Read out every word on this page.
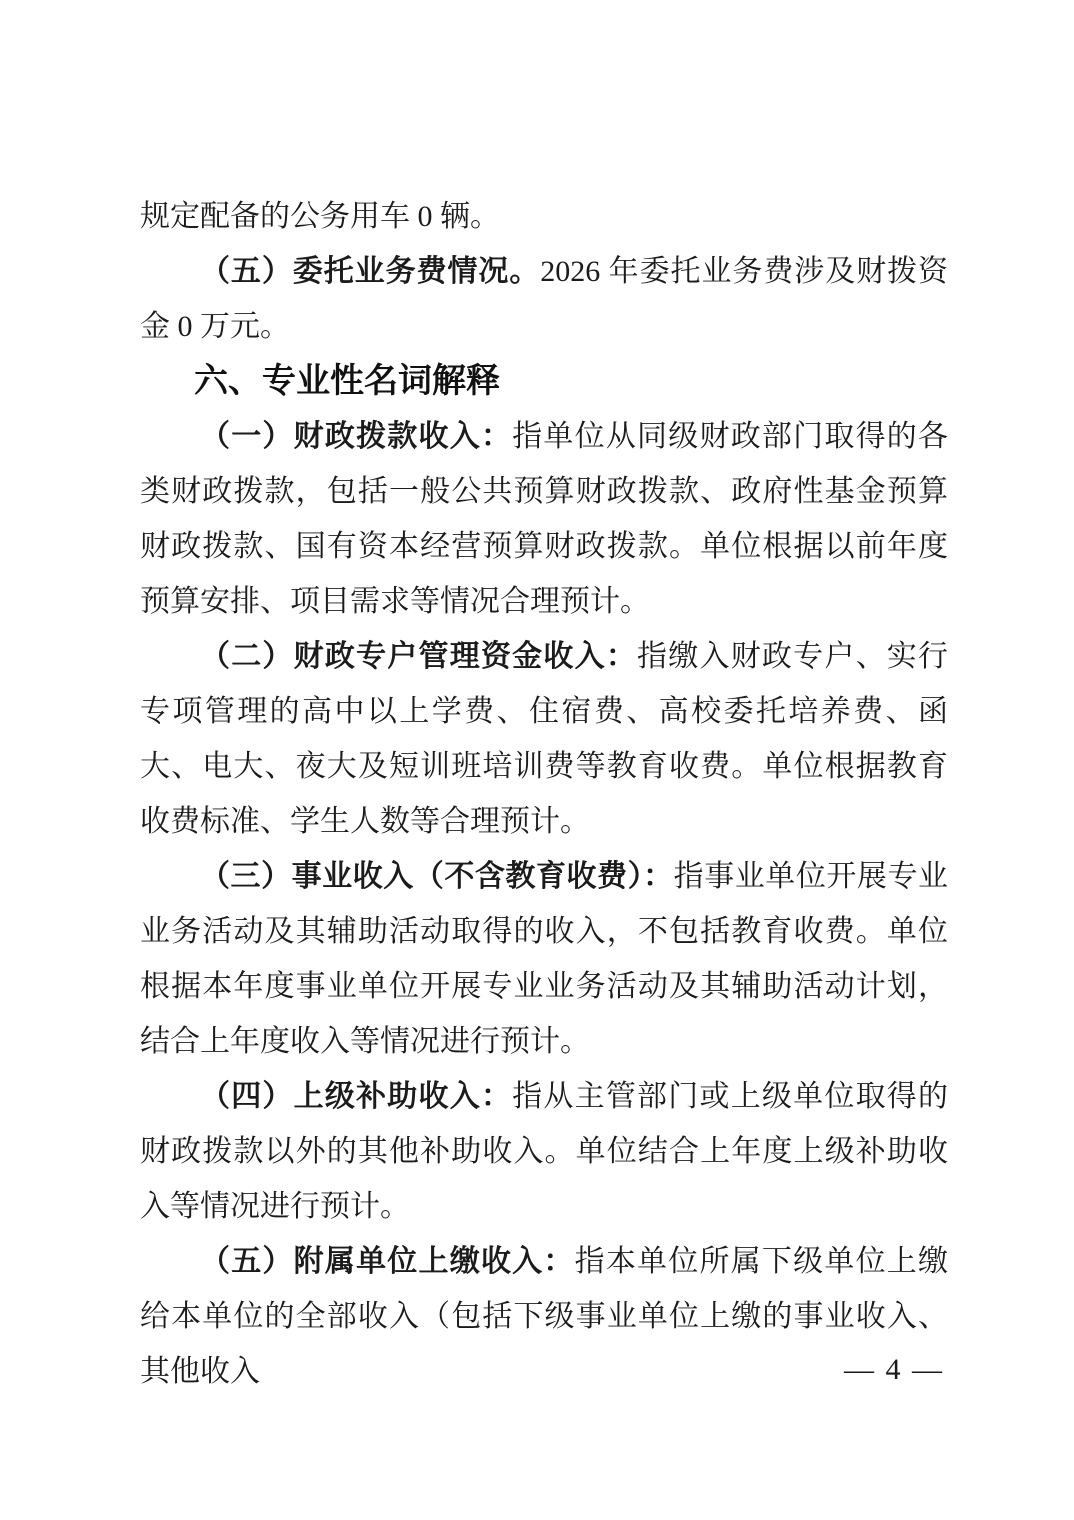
规定配备的公务用车 0 辆。

（五）委托业务费情况。2026 年委托业务费涉及财拨资金 0 万元。

六、专业性名词解释

（一）财政拨款收入：指单位从同级财政部门取得的各类财政拨款，包括一般公共预算财政拨款、政府性基金预算财政拨款、国有资本经营预算财政拨款。单位根据以前年度预算安排、项目需求等情况合理预计。

（二）财政专户管理资金收入：指缴入财政专户、实行专项管理的高中以上学费、住宿费、高校委托培养费、函大、电大、夜大及短训班培训费等教育收费。单位根据教育收费标准、学生人数等合理预计。

（三）事业收入（不含教育收费）：指事业单位开展专业业务活动及其辅助活动取得的收入，不包括教育收费。单位根据本年度事业单位开展专业业务活动及其辅助活动计划，结合上年度收入等情况进行预计。

（四）上级补助收入：指从主管部门或上级单位取得的财政拨款以外的其他补助收入。单位结合上年度上级补助收入等情况进行预计。

（五）附属单位上缴收入：指本单位所属下级单位上缴给本单位的全部收入（包括下级事业单位上缴的事业收入、其他收入	— 4 —
